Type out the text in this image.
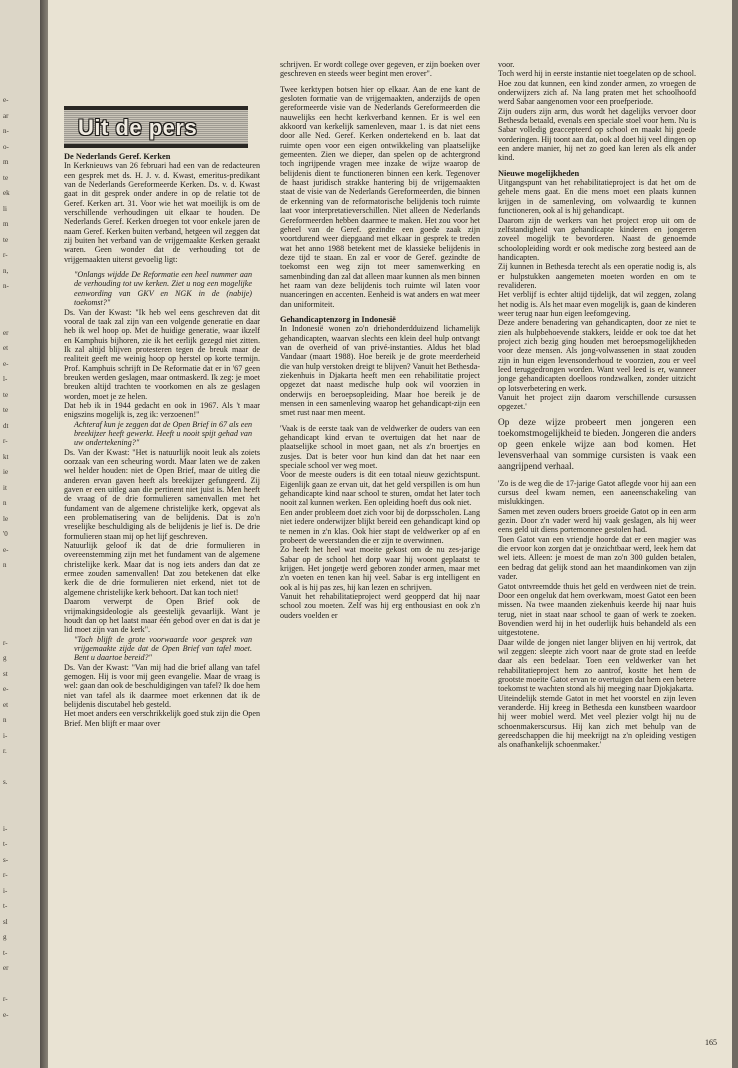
e-
ar
n-
o-
m
te
ek
li
m
te
r-
n,
n-
er
et
e-
l-
te
te
dt
r-
kt
ie
it
n
le
'0
e-
n
r-
g
st
e-
et
n
i-
r.
s.
i-
t-
s-
r-
i-
t-
sl
g
t-
er
r-
e-
Uit de pers
De Nederlands Geref. Kerken

In Kerknieuws van 26 februari had een van de redacteuren een gesprek met ds. H. J. v. d. Kwast, emeritus-predikant van de Nederlands Gereformeerde Kerken. Ds. v. d. Kwast gaat in dit gesprek onder andere in op de relatie tot de Geref. Kerken art. 31. Voor wie het wat moeilijk is om de verschillende verhoudingen uit elkaar te houden. De Nederlands Geref. Kerken droegen tot voor enkele jaren de naam Geref. Kerken buiten verband, hetgeen wil zeggen dat zij buiten het verband van de vrijgemaakte Kerken geraakt waren. Geen wonder dat de verhouding tot de vrijgemaakten uiterst gevoelig ligt:

"Onlangs wijdde De Reformatie een heel nummer aan de verhouding tot uw kerken. Ziet u nog een mogelijke eenwording van GKV en NGK in de (nabije) toekomst?"

Ds. Van der Kwast: "Ik heb wel eens geschreven dat dit vooral de taak zal zijn van een volgende generatie en daar heb ik wel hoop op. Met de huidige generatie, waar ikzelf en Kamphuis bijhoren, zie ik het eerlijk gezegd niet zitten. Ik zal altijd blijven protesteren tegen de breuk maar de realiteit geeft me weinig hoop op herstel op korte termijn. Prof. Kamphuis schrijft in De Reformatie dat er in '67 geen breuken werden geslagen, maar ontmaskerd. Ik zeg: je moet breuken altijd trachten te voorkomen en als ze geslagen worden, moet je ze helen.

Dat heb ik in 1944 gedacht en ook in 1967. Als 't maar enigszins mogelijk is, zeg ik: verzoenen!"

Achteraf kun je zeggen dat de Open Brief in 67 als een breekijzer heeft gewerkt. Heeft u nooit spijt gehad van uw ondertekening?"

Ds. Van der Kwast: "Het is natuurlijk nooit leuk als zoiets oorzaak van een scheuring wordt. Maar laten we de zaken wel helder houden: niet de Open Brief, maar de uitleg die anderen ervan gaven heeft als breekijzer gefungeerd. Zij gaven er een uitleg aan die pertinent niet juist is. Men heeft de vraag of de drie formulieren samenvallen met het fundament van de algemene christelijke kerk, opgevat als een problematisering van de belijdenis. Dat is zo'n vreselijke beschuldiging als de belijdenis je lief is. De drie formulieren staan mij op het lijf geschreven.

Natuurlijk geloof ik dat de drie formulieren in overeenstemming zijn met het fundament van de algemene christelijke kerk. Maar dat is nog iets anders dan dat ze ermee zouden samenvallen! Dat zou betekenen dat elke kerk die de drie formulieren niet erkend, niet tot de algemene christelijke kerk behoort. Dat kan toch niet!

Daarom verwerpt de Open Brief ook de vrijmakingsideologie als geestelijk gevaarlijk. Want je houdt dan op het laatst maar één gebod over en dat is dat je lid moet zijn van de kerk".

"Toch blijft de grote voorwaarde voor gesprek van vrijgemaakte zijde dat de Open Brief van tafel moet. Bent u daartoe bereid?"

Ds. Van der Kwast: "Van mij had die brief allang van tafel gemogen. Hij is voor mij geen evangelie. Maar de vraag is wel: gaan dan ook de beschuldigingen van tafel? Ik doe hem niet van tafel als ik daarmee moet erkennen dat ik de belijdenis discutabel heb gesteld.

Het moet anders een verschrikkelijk goed stuk zijn die Open Brief. Men blijft er maar over

schrijven. Er wordt college over gegeven, er zijn boeken over geschreven en steeds weer begint men erover".

Twee kerktypen botsen hier op elkaar. Aan de ene kant de gesloten formatie van de vrijgemaakten, anderzijds de open gereformeerde visie van de Nederlands Gereformeerden die nauwelijks een hecht kerkverband kennen. Er is wel een akkoord van kerkelijk samenleven, maar 1. is dat niet eens door alle Ned. Geref. Kerken ondertekend en b. laat dat ruimte open voor een eigen ontwikkeling van plaatselijke gemeenten. Zien we dieper, dan spelen op de achtergrond toch ingrijpende vragen mee inzake de wijze waarop de belijdenis dient te functioneren binnen een kerk. Tegenover de haast juridisch strakke hantering bij de vrijgemaakten staat de visie van de Nederlands Gereformeerden, die binnen de erkenning van de reformatorische belijdenis toch ruimte laat voor interpretatieverschillen. Niet alleen de Nederlands Gereformeerden hebben daarmee te maken. Het zou voor het geheel van de Geref. gezindte een goede zaak zijn voortdurend weer diepgaand met elkaar in gesprek te treden wat het anno 1988 betekent met de klassieke belijdenis in deze tijd te staan. En zal er voor de Geref. gezindte de toekomst een weg zijn tot meer samenwerking en samenbinding dan zal dat alleen maar kunnen als men binnen het raam van deze belijdenis toch ruimte wil laten voor nuanceringen en accenten. Eenheid is wat anders en wat meer dan uniformiteit.

Gehandicaptenzorg in Indonesië

In Indonesië wonen zo'n driehonderdduizend lichamelijk gehandicapten, waarvan slechts een klein deel hulp ontvangt van de overheid of van privé-instanties. Aldus het blad Vandaar (maart 1988). Hoe bereik je de grote meerderheid die van hulp verstoken dreigt te blijven? Vanuit het Bethesda-ziekenhuis in Djakarta heeft men een rehabilitatie project opgezet dat naast medische hulp ook wil voorzien in onderwijs en beroepsopleiding. Maar hoe bereik je de mensen in een samenleving waarop het gehandicapt-zijn een smet rust naar men meent.

'Vaak is de eerste taak van de veldwerker de ouders van een gehandicapt kind ervan te overtuigen dat het naar de plaatselijke school in moet gaan, net als z'n broertjes en zusjes. Dat is beter voor hun kind dan dat het naar een speciale school ver weg moet.

Voor de meeste ouders is dit een totaal nieuw gezichtspunt. Eigenlijk gaan ze ervan uit, dat het geld verspillen is om hun gehandicapte kind naar school te sturen, omdat het later toch nooit zal kunnen werken. Een opleiding hoeft dus ook niet.

Een ander probleem doet zich voor bij de dorpsscholen. Lang niet iedere onderwijzer blijkt bereid een gehandicapt kind op te nemen in z'n klas. Ook hier stapt de veldwerker op af en probeert de weerstanden die er zijn te overwinnen.

Zo heeft het heel wat moeite gekost om de nu zes-jarige Sabar op de school het dorp waar hij woont geplaatst te krijgen. Het jongetje werd geboren zonder armen, maar met z'n voeten en tenen kan hij veel. Sabar is erg intelligent en ook al is hij pas zes, hij kan lezen en schrijven.

Vanuit het rehabilitatieproject werd geopperd dat hij naar school zou moeten. Zelf was hij erg enthousiast en ook z'n ouders voelden er

voor.

Toch werd hij in eerste instantie niet toegelaten op de school. Hoe zou dat kunnen, een kind zonder armen, zo vroegen de onderwijzers zich af. Na lang praten met het schoolhoofd werd Sabar aangenomen voor een proefperiode.

Zijn ouders zijn arm, dus wordt het dagelijks vervoer door Bethesda betaald, evenals een speciale stoel voor hem. Nu is Sabar volledig geaccepteerd op school en maakt hij goede vorderingen. Hij toont aan dat, ook al doet hij veel dingen op een andere manier, hij net zo goed kan leren als elk ander kind.

Nieuwe mogelijkheden

Uitgangspunt van het rehabilitatieproject is dat het om de gehele mens gaat. En die mens moet een plaats kunnen krijgen in de samenleving, om volwaardig te kunnen functioneren, ook al is hij gehandicapt.

Daarom zijn de werkers van het project erop uit om de zelfstandigheid van gehandicapte kinderen en jongeren zoveel mogelijk te bevorderen. Naast de genoemde schoolopleiding wordt er ook medische zorg besteed aan de handicapten.

Zij kunnen in Bethesda terecht als een operatie nodig is, als er hulpstukken aangemeten moeten worden en om te revalideren.

Het verblijf is echter altijd tijdelijk, dat wil zeggen, zolang het nodig is. Als het maar even mogelijk is, gaan de kinderen weer terug naar hun eigen leefomgeving.

Deze andere benadering van gehandicapten, door ze niet te zien als hulpbehoevende stakkers, leidde er ook toe dat het project zich bezig ging houden met beroepsmogelijkheden voor deze mensen. Als jong-volwassenen in staat zouden zijn in hun eigen levensonderhoud te voorzien, zou er veel leed teruggedrongen worden. Want veel leed is er, wanneer jonge gehandicapten doelloos rondzwalken, zonder uitzicht op lotsverbetering en werk.

Vanuit het project zijn daarom verschillende cursussen opgezet.'

Op deze wijze probeert men jongeren een toekomstmogelijkheid te bieden. Jongeren die anders op geen enkele wijze aan bod komen. Het levensverhaal van sommige cursisten is vaak een aangrijpend verhaal.

'Zo is de weg die de 17-jarige Gatot aflegde voor hij aan een cursus deel kwam nemen, een aaneenschakeling van mislukkingen.

Samen met zeven ouders broers groeide Gatot op in een arm gezin. Door z'n vader werd hij vaak geslagen, als hij weer eens geld uit diens portemonnee gestolen had.

Toen Gatot van een vriendje hoorde dat er een magier was die ervoor kon zorgen dat je onzichtbaar werd, leek hem dat wel iets. Alleen: je moest de man zo'n 300 gulden betalen, een bedrag dat gelijk stond aan het maandinkomen van zijn vader.

Gatot ontvreemdde thuis het geld en verdween niet de trein. Door een ongeluk dat hem overkwam, moest Gatot een been missen. Na twee maanden ziekenhuis keerde hij naar huis terug, niet in staat naar school te gaan of werk te zoeken. Bovendien werd hij in het ouderlijk huis behandeld als een uitgestotene.

Daar wilde de jongen niet langer blijven en hij vertrok, dat wil zeggen: sleepte zich voort naar de grote stad en leefde daar als een bedelaar. Toen een veldwerker van het rehabilitatieproject hem zo aantrof, kostte het hem de grootste moeite Gatot ervan te overtuigen dat hem een betere toekomst te wachten stond als hij meeging naar Djokjakarta.

Uiteindelijk stemde Gatot in met het voorstel en zijn leven veranderde. Hij kreeg in Bethesda een kunstbeen waardoor hij weer mobiel werd. Met veel plezier volgt hij nu de schoenmakerscursus. Hij kan zich met behulp van de gereedschappen die hij meekrijgt na z'n opleiding vestigen als onafhankelijk schoenmaker.'

165
